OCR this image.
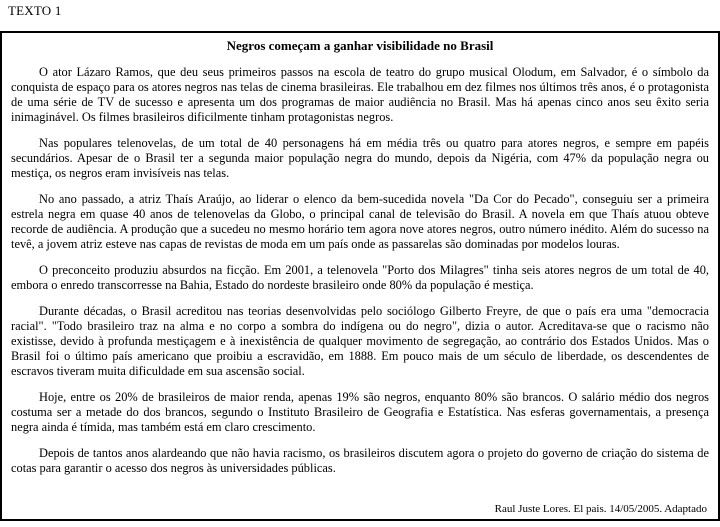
TEXTO 1
Negros começam a ganhar visibilidade no Brasil

O ator Lázaro Ramos, que deu seus primeiros passos na escola de teatro do grupo musical Olodum, em Salvador, é o símbolo da conquista de espaço para os atores negros nas telas de cinema brasileiras. Ele trabalhou em dez filmes nos últimos três anos, é o protagonista de uma série de TV de sucesso e apresenta um dos programas de maior audiência no Brasil. Mas há apenas cinco anos seu êxito seria inimaginável. Os filmes brasileiros dificilmente tinham protagonistas negros.

Nas populares telenovelas, de um total de 40 personagens há em média três ou quatro para atores negros, e sempre em papéis secundários. Apesar de o Brasil ter a segunda maior população negra do mundo, depois da Nigéria, com 47% da população negra ou mestiça, os negros eram invisíveis nas telas.

No ano passado, a atriz Thaís Araújo, ao liderar o elenco da bem-sucedida novela "Da Cor do Pecado", conseguiu ser a primeira estrela negra em quase 40 anos de telenovelas da Globo, o principal canal de televisão do Brasil. A novela em que Thaís atuou obteve recorde de audiência. A produção que a sucedeu no mesmo horário tem agora nove atores negros, outro número inédito. Além do sucesso na tevê, a jovem atriz esteve nas capas de revistas de moda em um país onde as passarelas são dominadas por modelos louras.

O preconceito produziu absurdos na ficção. Em 2001, a telenovela "Porto dos Milagres" tinha seis atores negros de um total de 40, embora o enredo transcorresse na Bahia, Estado do nordeste brasileiro onde 80% da população é mestiça.

Durante décadas, o Brasil acreditou nas teorias desenvolvidas pelo sociólogo Gilberto Freyre, de que o país era uma "democracia racial". "Todo brasileiro traz na alma e no corpo a sombra do indígena ou do negro", dizia o autor. Acreditava-se que o racismo não existisse, devido à profunda mestiçagem e à inexistência de qualquer movimento de segregação, ao contrário dos Estados Unidos. Mas o Brasil foi o último país americano que proibiu a escravidão, em 1888. Em pouco mais de um século de liberdade, os descendentes de escravos tiveram muita dificuldade em sua ascensão social.

Hoje, entre os 20% de brasileiros de maior renda, apenas 19% são negros, enquanto 80% são brancos. O salário médio dos negros costuma ser a metade do dos brancos, segundo o Instituto Brasileiro de Geografia e Estatística. Nas esferas governamentais, a presença negra ainda é tímida, mas também está em claro crescimento.

Depois de tantos anos alardeando que não havia racismo, os brasileiros discutem agora o projeto do governo de criação do sistema de cotas para garantir o acesso dos negros às universidades públicas.

Raul Juste Lores. El pais. 14/05/2005. Adaptado
